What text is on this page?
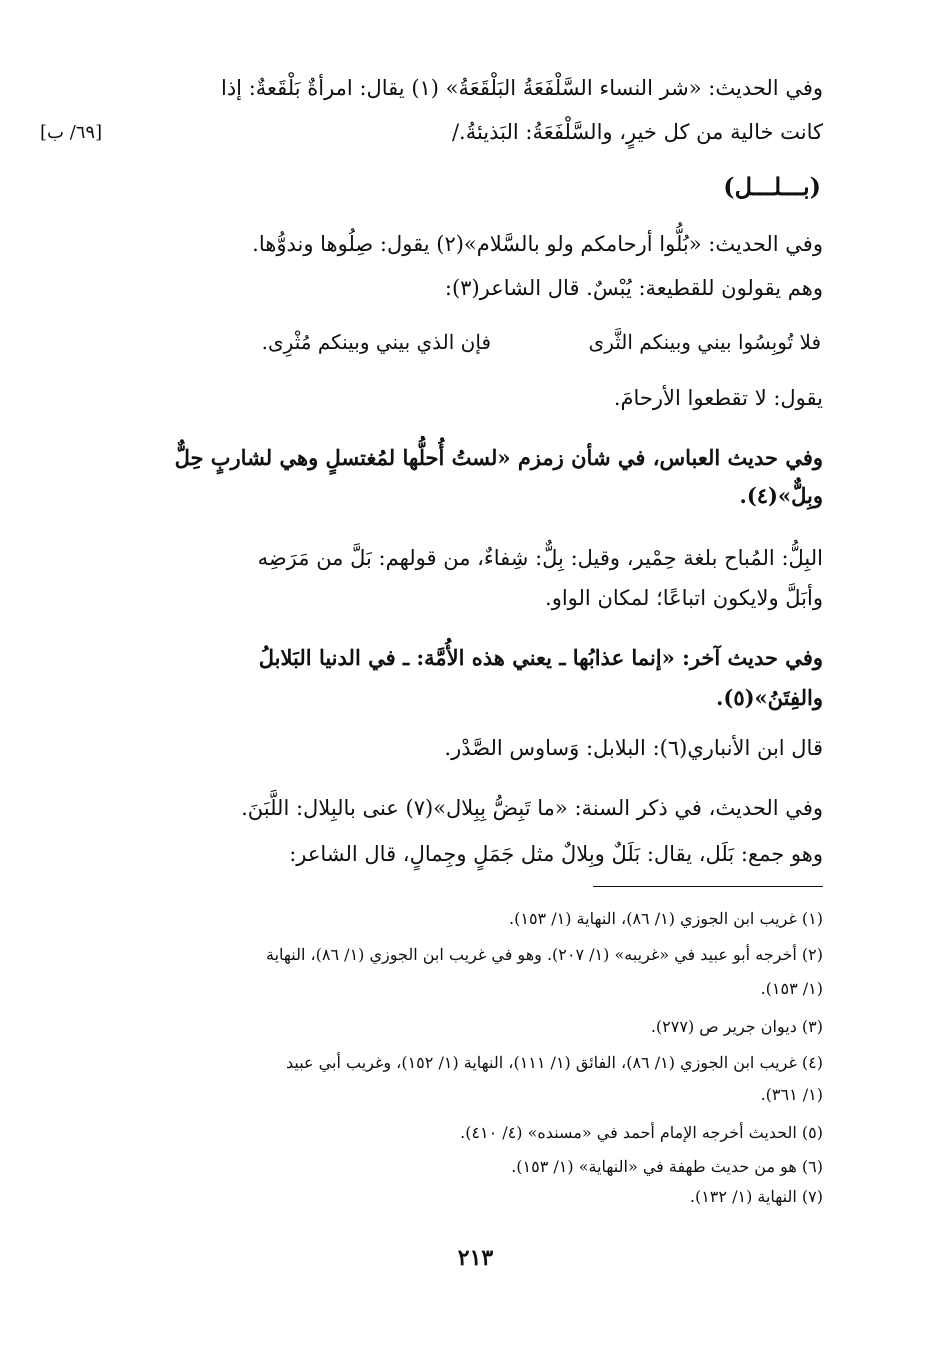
وفي الحديث: «شر النساء السَّلْفَعَةُ البَلْقَعَةُ» (١) يقال: امرأةٌ بَلْقَعةٌ: إذا
كانت خالية من كل خيرٍ، والسَّلْفَعَةُ: البَذيئةُ./
[٦٩/ ب]
(بـــلـــل)
وفي الحديث: «بُلُّوا أرحامكم ولو بالسَّلام»(٢) يقول: صِلُوها وندوُّها.
وهم يقولون للقطيعة: يُبْسٌ. قال الشاعر(٣):
فلا تُوبِسُوا بيني وبينكم الثَّرى
فإن الذي بيني وبينكم مُثْرِى.
يقول: لا تقطعوا الأرحامَ.
وفي حديث العباس، في شأن زمزم «لستُ أُحلُّها لمُغتسلٍ وهي لشاربٍ حِلٌّ
وبِلٌّ»(٤).
البِلُّ: المُباح بلغة حِمْير، وقيل: بِلٌّ: شِفاءٌ، من قولهم: بَلَّ من مَرَضِه
وأبَلَّ ولايكون اتباعًا؛ لمكان الواو.
وفي حديث آخر: «إنما عذابُها ـ يعني هذه الأُمَّة: ـ في الدنيا البَلابلُ
والفِتَنُ»(٥).
قال ابن الأنباري(٦): البلابل: وَساوس الصَّدْر.
وفي الحديث، في ذكر السنة: «ما تَبِضُّ بِبِلال»(٧) عنى بالبِلال: اللَّبَنَ.
وهو جمع: بَلَل، يقال: بَلَلٌ وبِلالٌ مثل جَمَلٍ وجِمالٍ، قال الشاعر:
(١) غريب ابن الجوزي (١/ ٨٦)، النهاية (١/ ١٥٣).
(٢) أخرجه أبو عبيد في «غريبه» (١/ ٢٠٧). وهو في غريب ابن الجوزي (١/ ٨٦)، النهاية
(١/ ١٥٣).
(٣) ديوان جرير ص (٢٧٧).
(٤) غريب ابن الجوزي (١/ ٨٦)، الفائق (١/ ١١١)، النهاية (١/ ١٥٢)، وغريب أبي عبيد
(١/ ٣٦١).
(٥) الحديث أخرجه الإمام أحمد في «مسنده» (٤/ ٤١٠).
(٦) هو من حديث طهفة في «النهاية» (١/ ١٥٣).
(٧) النهاية (١/ ١٣٢).
٢١٣
